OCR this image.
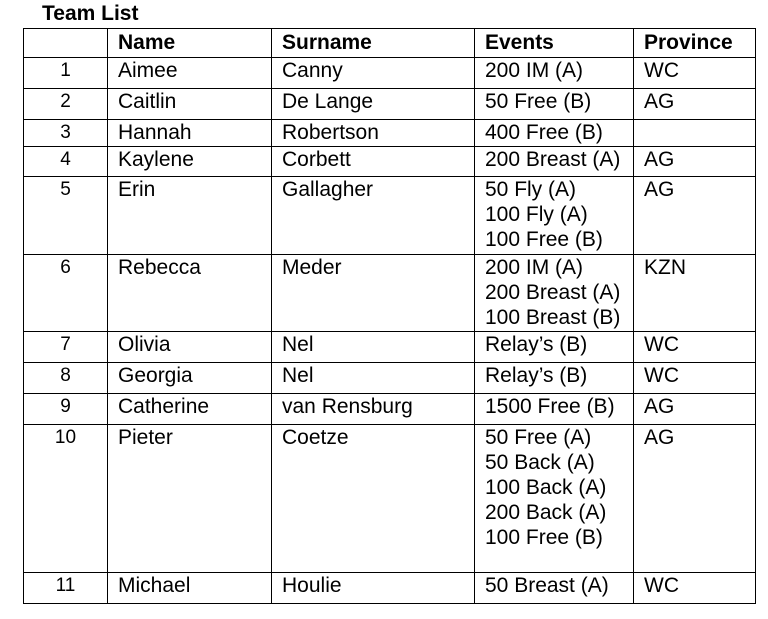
Team List
	Name	Surname	Events	Province
1	Aimee	Canny	200 IM (A)	WC
2	Caitlin	De Lange	50 Free (B)	AG
3	Hannah	Robertson	400 Free (B)	

4	Kaylene	Corbett	200 Breast (A)	AG
5	Erin	Gallagher	50 Fly (A)
100 Fly (A)
100 Free (B)	AG
6	Rebecca	Meder	200 IM (A)
200 Breast (A)
100 Breast (B)	KZN
7	Olivia	Nel	Relay’s (B)	WC
8	Georgia	Nel	Relay’s (B)	WC
9	Catherine	van Rensburg	1500 Free (B)	AG
10	Pieter	Coetze	50 Free (A)
50 Back (A)
100 Back (A)
200 Back (A)
100 Free (B)	AG
11	Michael	Houlie	50 Breast (A)	WC
